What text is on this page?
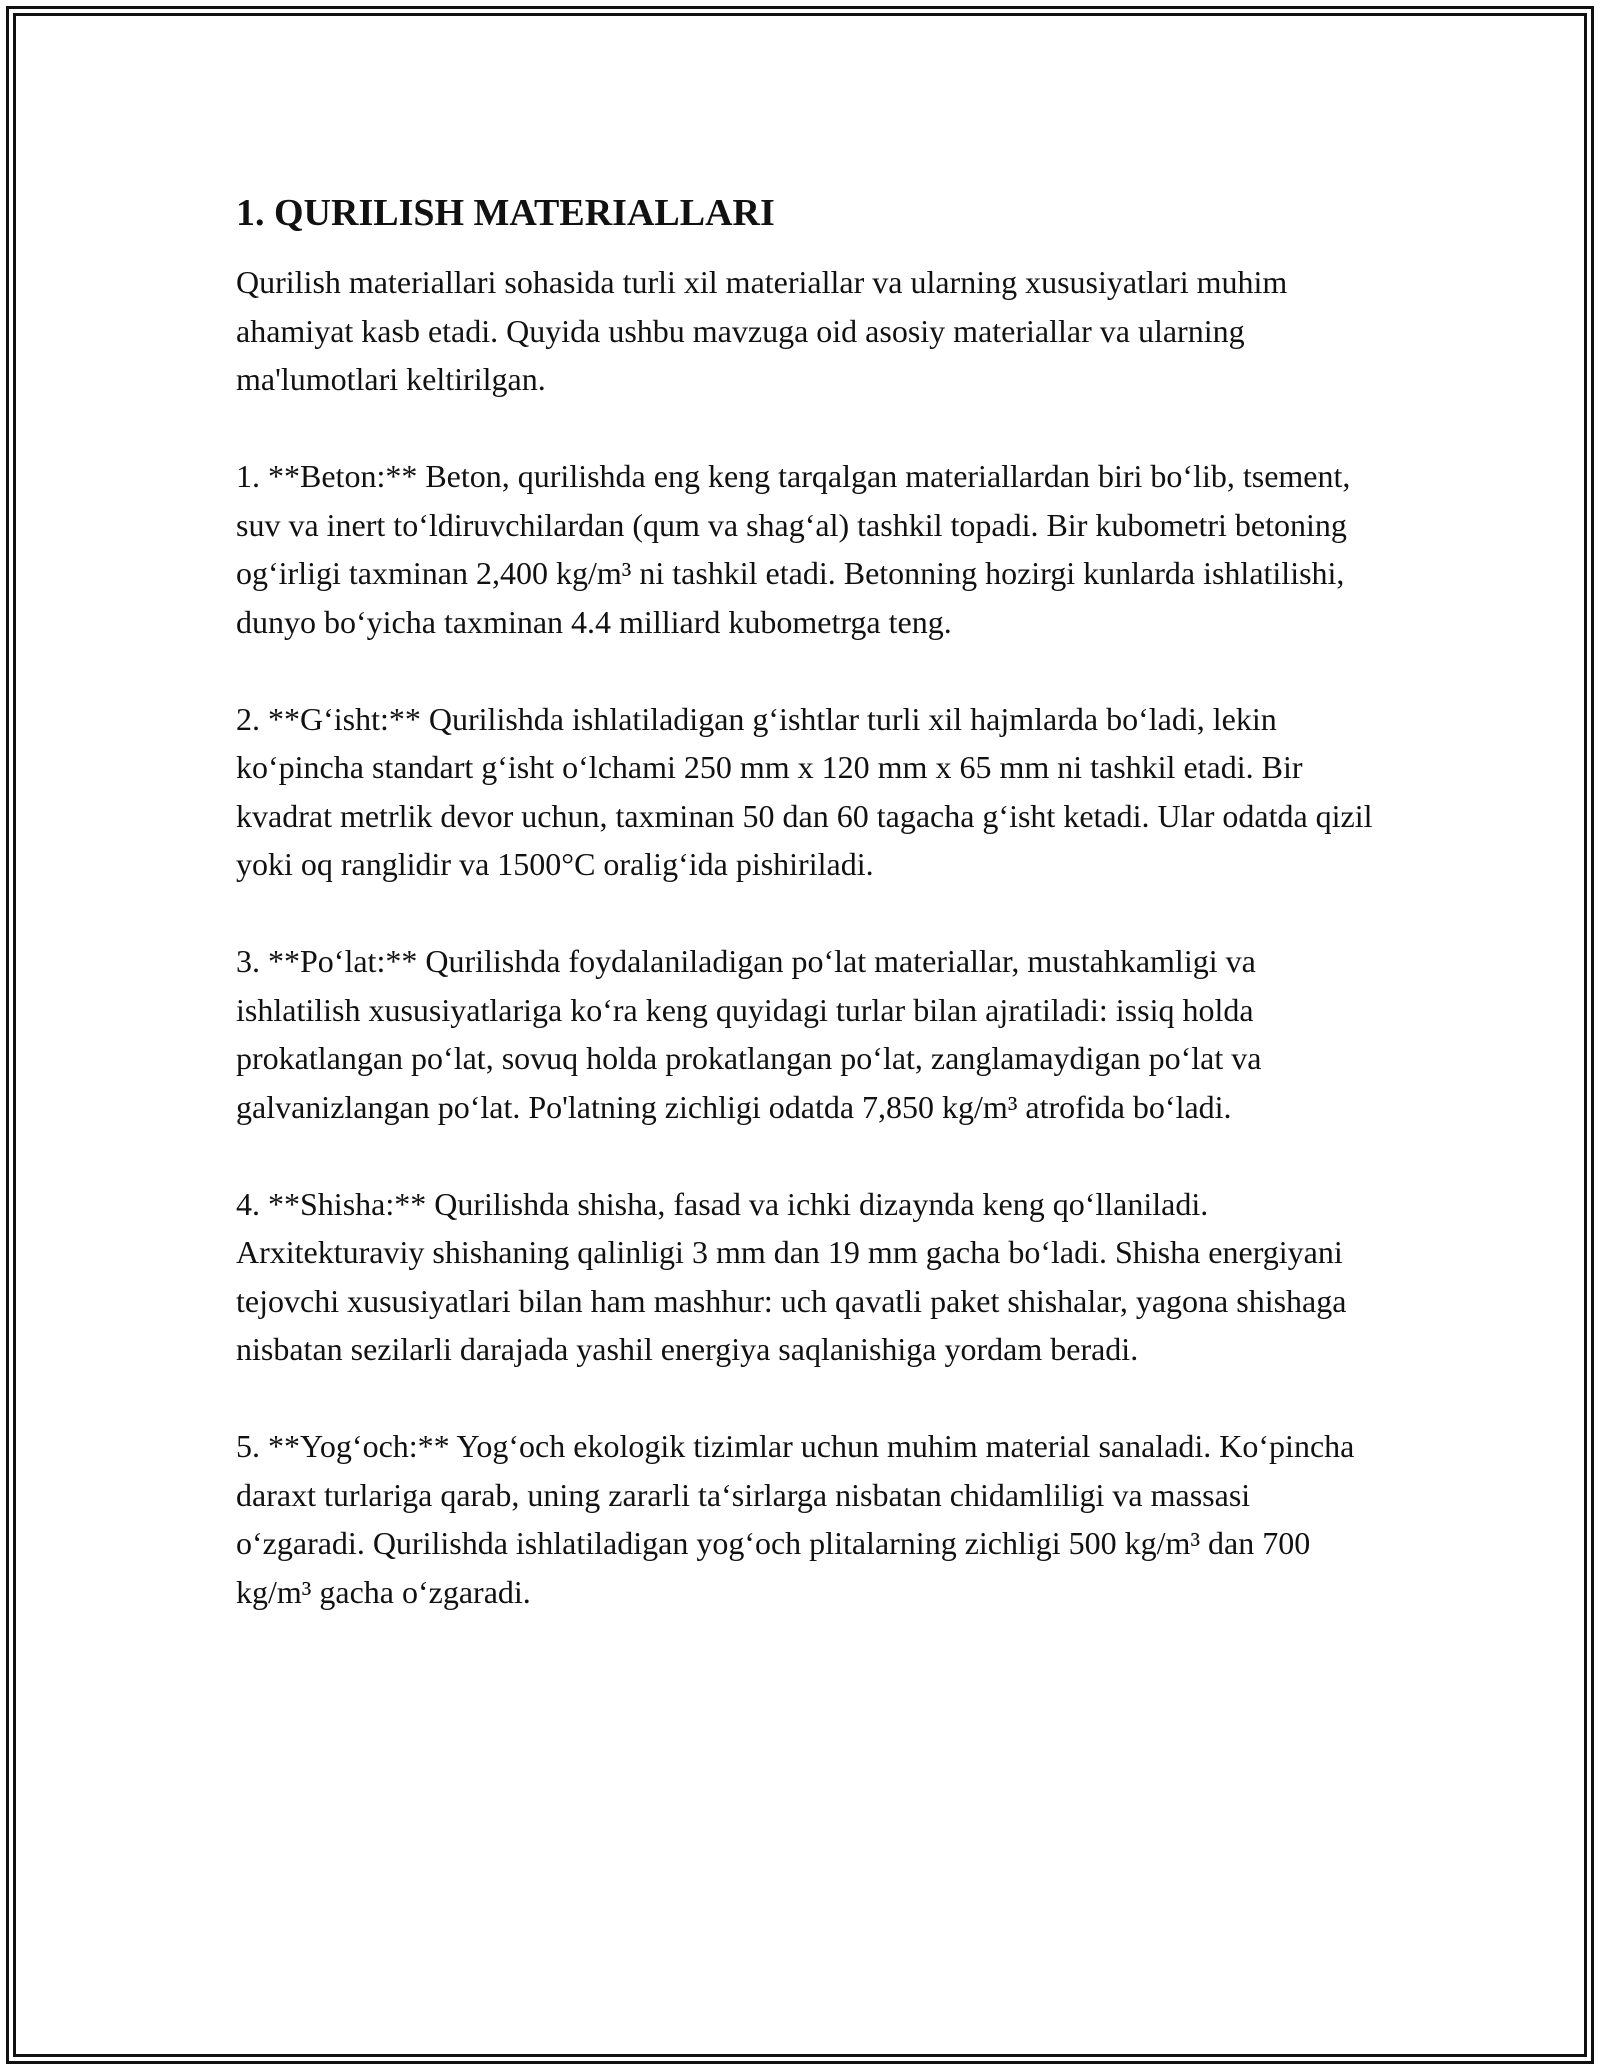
1. QURILISH MATERIALLARI

Qurilish materiallari sohasida turli xil materiallar va ularning xususiyatlari muhim ahamiyat kasb etadi. Quyida ushbu mavzuga oid asosiy materiallar va ularning ma'lumotlari keltirilgan.

1. **Beton:** Beton, qurilishda eng keng tarqalgan materiallardan biri bo‘lib, tsement, suv va inert to‘ldiruvchilardan (qum va shag‘al) tashkil topadi. Bir kubometri betoning og‘irligi taxminan 2,400 kg/m³ ni tashkil etadi. Betonning hozirgi kunlarda ishlatilishi, dunyo bo‘yicha taxminan 4.4 milliard kubometrga teng.

2. **G‘isht:** Qurilishda ishlatiladigan g‘ishtlar turli xil hajmlarda bo‘ladi, lekin ko‘pincha standart g‘isht o‘lchami 250 mm x 120 mm x 65 mm ni tashkil etadi. Bir kvadrat metrlik devor uchun, taxminan 50 dan 60 tagacha g‘isht ketadi. Ular odatda qizil yoki oq ranglidir va 1500°C oralig‘ida pishiriladi.

3. **Po‘lat:** Qurilishda foydalaniladigan po‘lat materiallar, mustahkamligi va ishlatilish xususiyatlariga ko‘ra keng quyidagi turlar bilan ajratiladi: issiq holda prokatlangan po‘lat, sovuq holda prokatlangan po‘lat, zanglamaydigan po‘lat va galvanizlangan po‘lat. Po'latning zichligi odatda 7,850 kg/m³ atrofida bo‘ladi.

4. **Shisha:** Qurilishda shisha, fasad va ichki dizaynda keng qo‘llaniladi. Arxitekturaviy shishaning qalinligi 3 mm dan 19 mm gacha bo‘ladi. Shisha energiyani tejovchi xususiyatlari bilan ham mashhur: uch qavatli paket shishalar, yagona shishaga nisbatan sezilarli darajada yashil energiya saqlanishiga yordam beradi.

5. **Yog‘och:** Yog‘och ekologik tizimlar uchun muhim material sanaladi. Ko‘pincha daraxt turlariga qarab, uning zararli ta‘sirlarga nisbatan chidamliligi va massasi o‘zgaradi. Qurilishda ishlatiladigan yog‘och plitalarning zichligi 500 kg/m³ dan 700 kg/m³ gacha o‘zgaradi.
